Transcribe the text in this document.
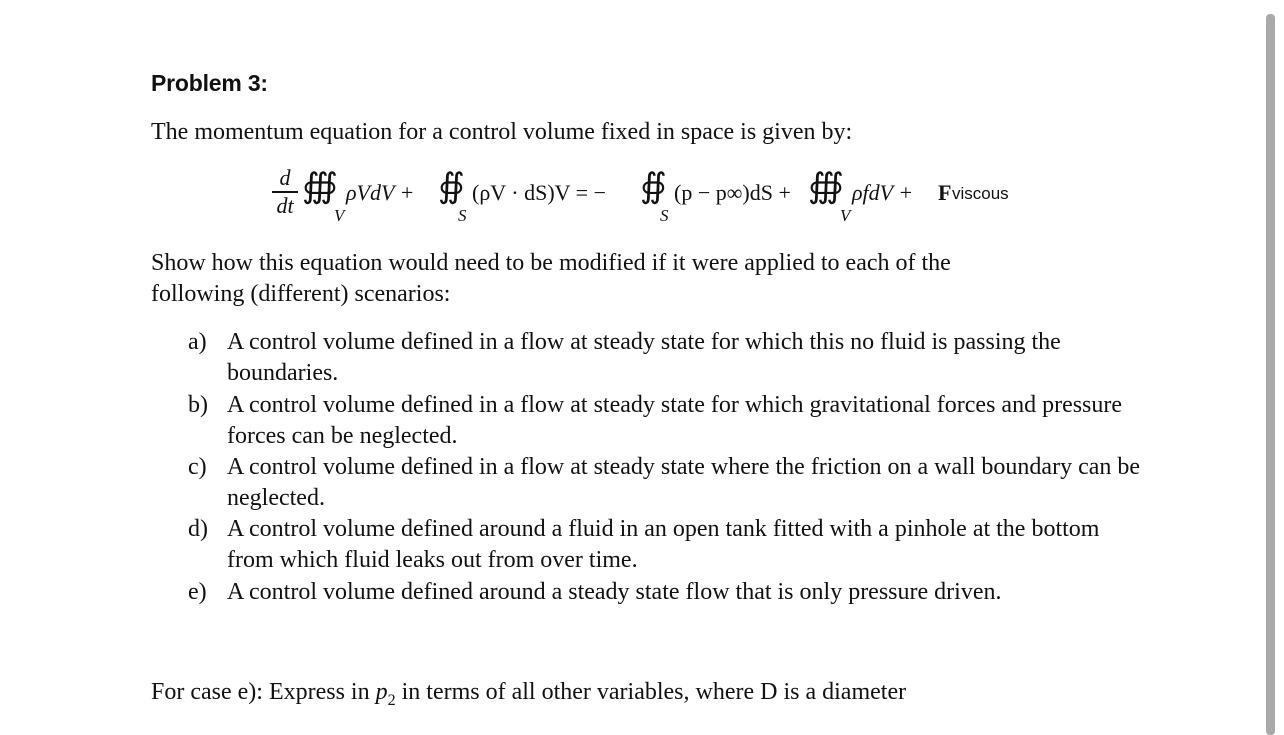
Problem 3:
The momentum equation for a control volume fixed in space is given by:
d
dt ∰
V
ρVdV + ∯
S
(ρV · dS)V = − ∯
S
(p − p∞)dS + ∰
V
ρfdV + F viscous
Show how this equation would need to be modified if it were applied to each of the
following (different) scenarios:
a) A control volume defined in a flow at steady state for which this no fluid is passing the boundaries.
b) A control volume defined in a flow at steady state for which gravitational forces and pressure forces can be neglected.
c) A control volume defined in a flow at steady state where the friction on a wall boundary can be neglected.
d) A control volume defined around a fluid in an open tank fitted with a pinhole at the bottom from which fluid leaks out from over time.
e) A control volume defined around a steady state flow that is only pressure driven.
For case e): Express in $p_2$ in terms of all other variables, where D is a diameter
